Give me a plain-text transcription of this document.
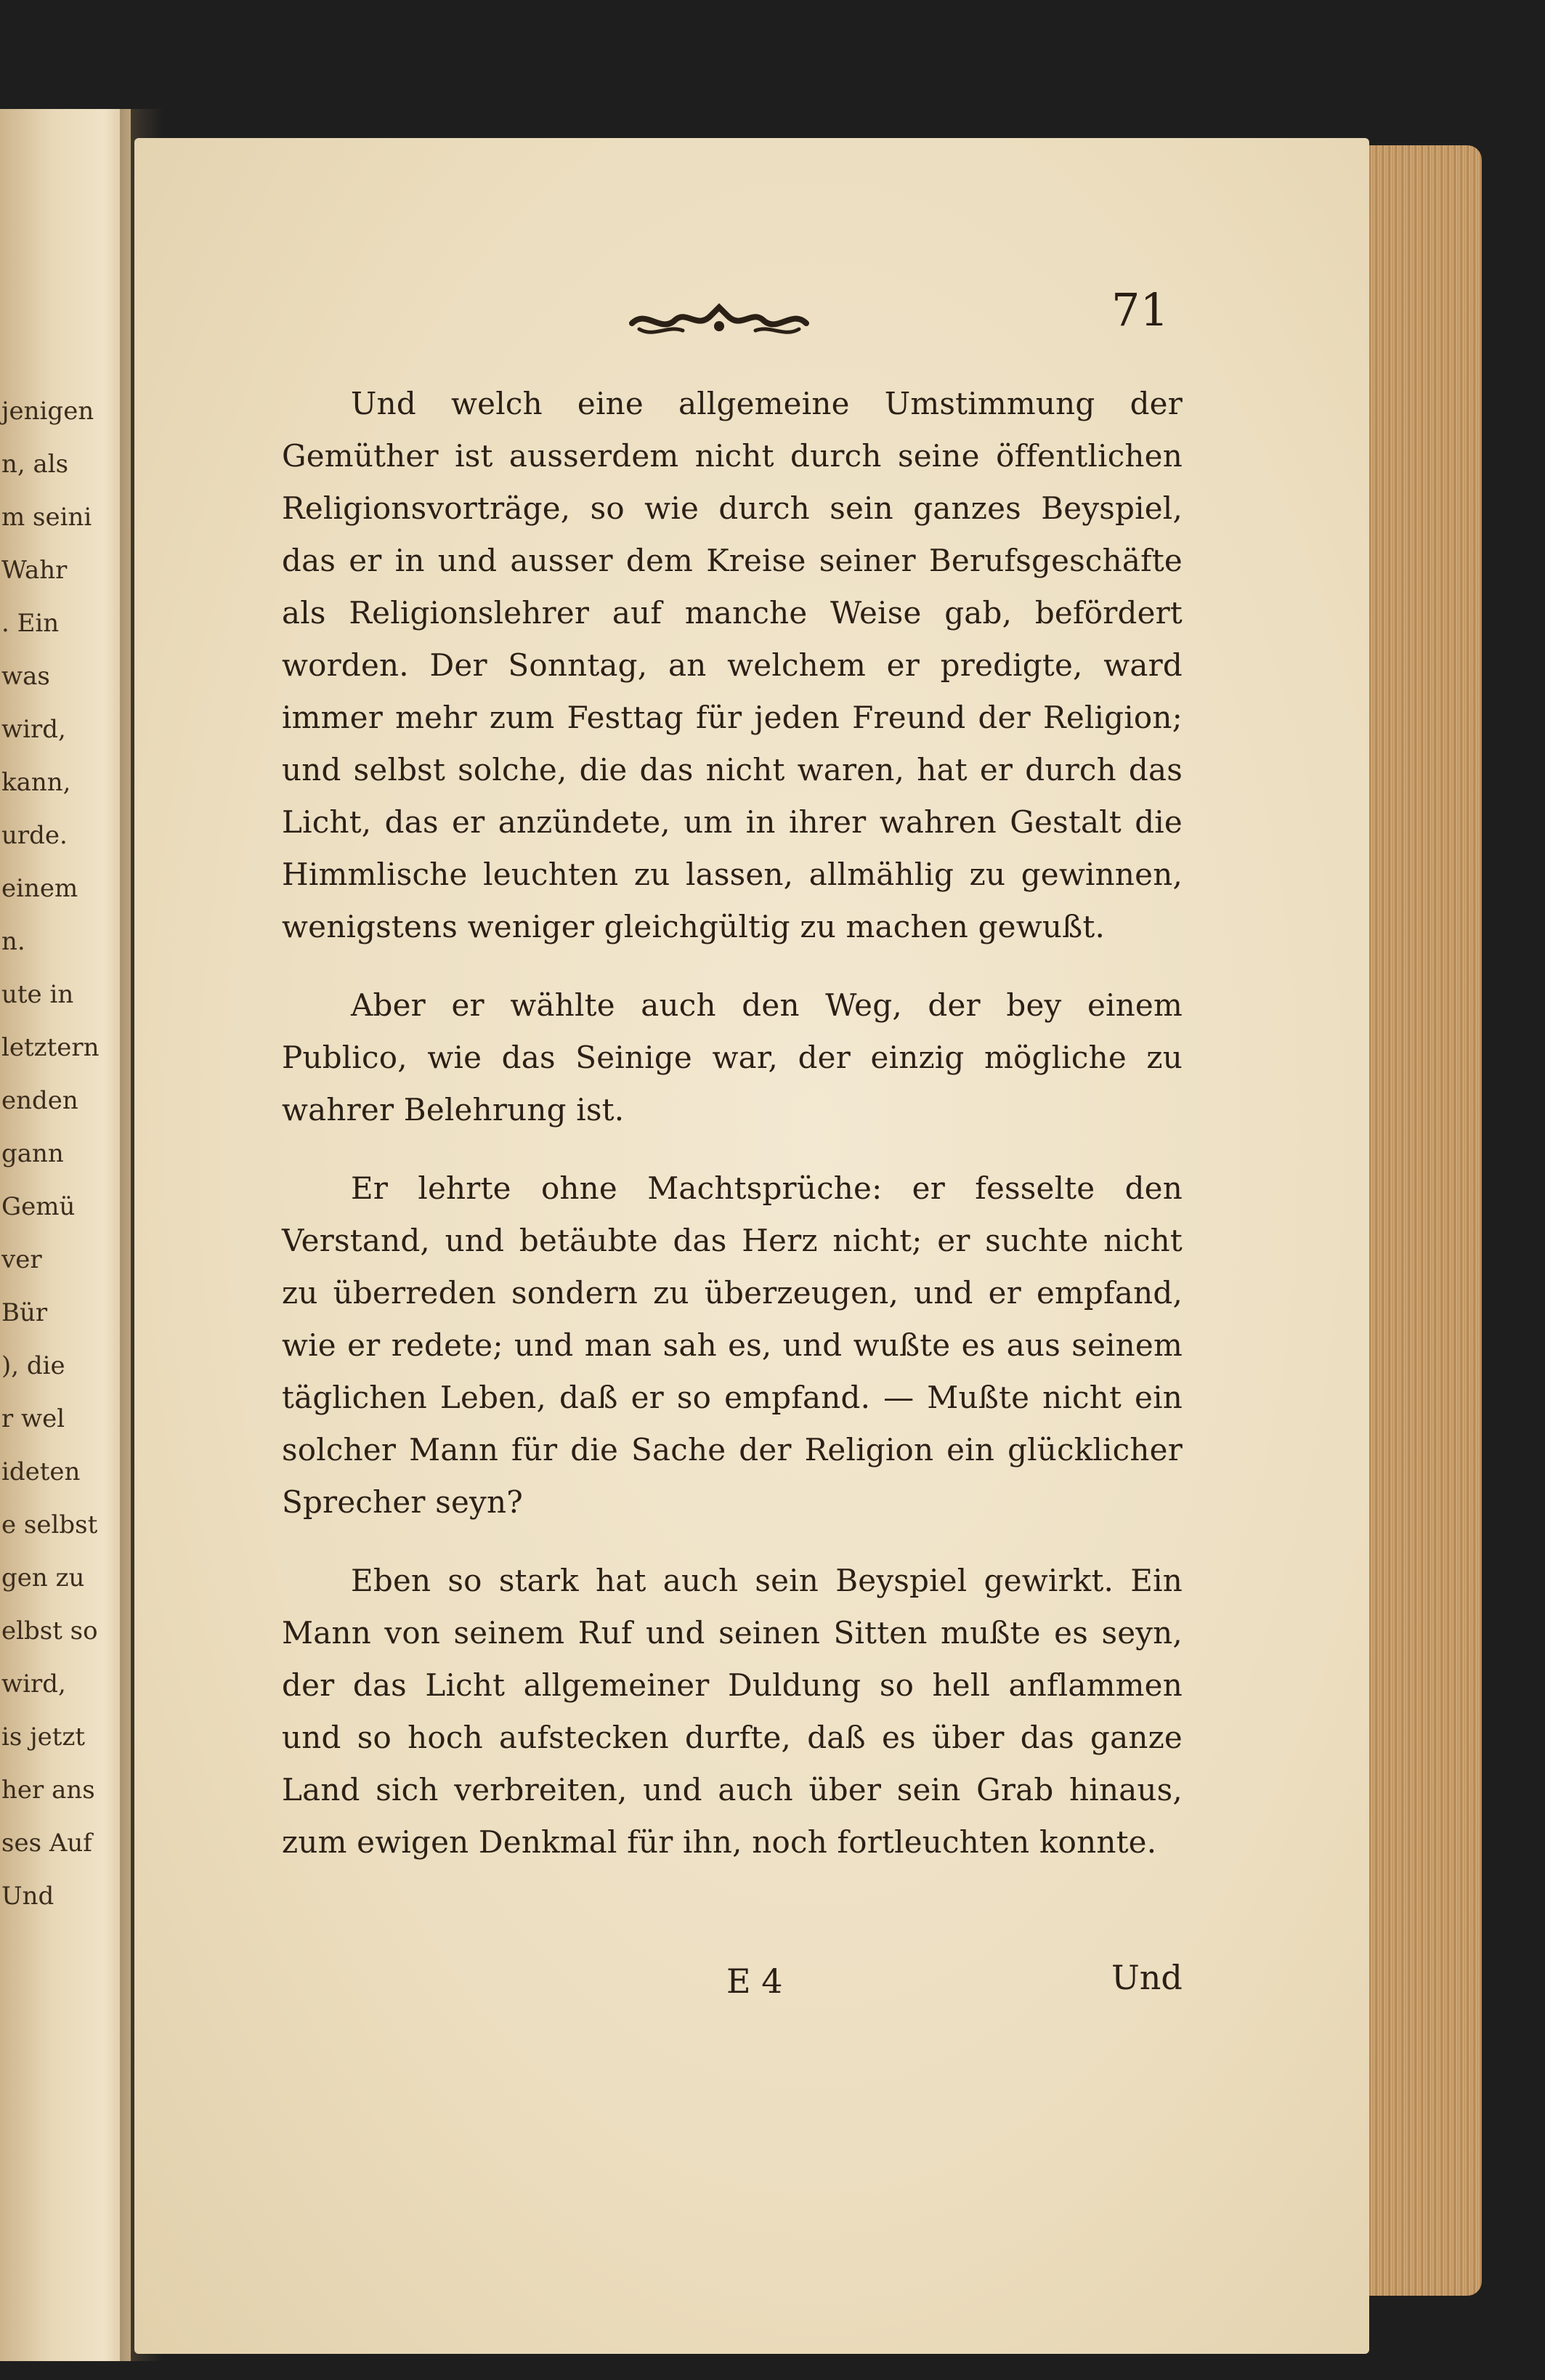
jenigen
n, als
m seini
Wahr
. Ein
was
wird,
kann,
urde.
einem
n.
ute in
letztern
enden
gann
Gemü
ver
Bür
), die
r wel
ideten
e selbst
gen zu
elbst so
wird,
is jetzt
her ans
ses Auf
Und
71

Und welch eine allgemeine Umstimmung der Gemüther ist ausserdem nicht durch seine öffentlichen Religionsvorträge, so wie durch sein ganzes Beyspiel, das er in und ausser dem Kreise seiner Berufsgeschäfte als Religionslehrer auf manche Weise gab, befördert worden. Der Sonntag, an welchem er predigte, ward immer mehr zum Festtag für jeden Freund der Religion; und selbst solche, die das nicht waren, hat er durch das Licht, das er anzündete, um in ihrer wahren Gestalt die Himmlische leuchten zu lassen, allmählig zu gewinnen, wenigstens weniger gleichgültig zu machen gewußt.

Aber er wählte auch den Weg, der bey einem Publico, wie das Seinige war, der einzig mögliche zu wahrer Belehrung ist.

Er lehrte ohne Machtsprüche: er fesselte den Verstand, und betäubte das Herz nicht; er suchte nicht zu überreden sondern zu überzeugen, und er empfand, wie er redete; und man sah es, und wußte es aus seinem täglichen Leben, daß er so empfand. — Mußte nicht ein solcher Mann für die Sache der Religion ein glücklicher Sprecher seyn?

Eben so stark hat auch sein Beyspiel gewirkt. Ein Mann von seinem Ruf und seinen Sitten mußte es seyn, der das Licht allgemeiner Duldung so hell anflammen und so hoch aufstecken durfte, daß es über das ganze Land sich verbreiten, und auch über sein Grab hinaus, zum ewigen Denkmal für ihn, noch fortleuchten konnte.

E 4	Und
